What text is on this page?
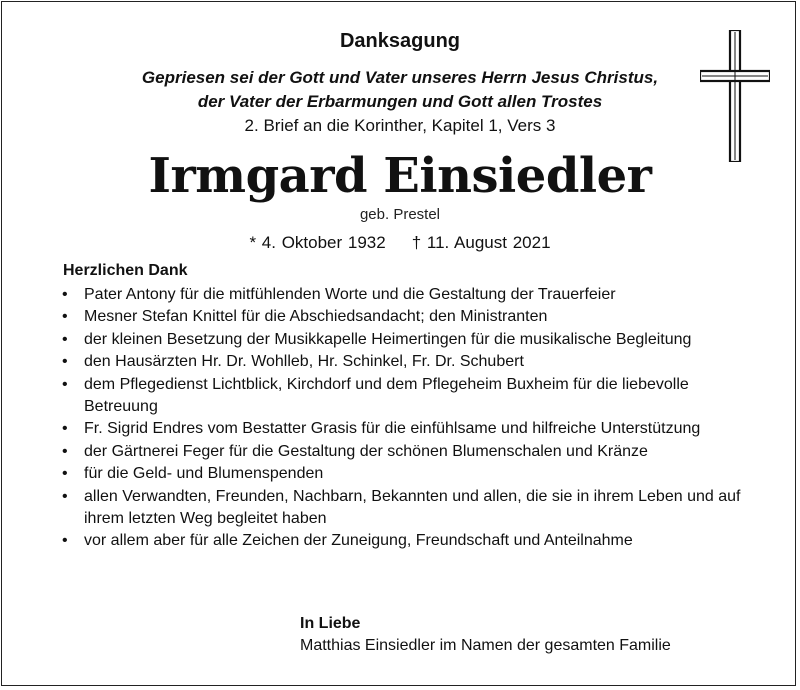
Danksagung
Gepriesen sei der Gott und Vater unseres Herrn Jesus Christus,
der Vater der Erbarmungen und Gott allen Trostes
2. Brief an die Korinther, Kapitel 1, Vers 3
Irmgard Einsiedler
geb. Prestel
* 4. Oktober 1932 † 11. August 2021
Herzlichen Dank
• Pater Antony für die mitfühlenden Worte und die Gestaltung der Trauerfeier
• Mesner Stefan Knittel für die Abschiedsandacht; den Ministranten
• der kleinen Besetzung der Musikkapelle Heimertingen für die musikalische Begleitung
• den Hausärzten Hr. Dr. Wohlleb, Hr. Schinkel, Fr. Dr. Schubert
• dem Pflegedienst Lichtblick, Kirchdorf und dem Pflegeheim Buxheim für die liebevolle Betreuung
• Fr. Sigrid Endres vom Bestatter Grasis für die einfühlsame und hilfreiche Unterstützung
• der Gärtnerei Feger für die Gestaltung der schönen Blumenschalen und Kränze
• für die Geld- und Blumenspenden
• allen Verwandten, Freunden, Nachbarn, Bekannten und allen, die sie in ihrem Leben und auf ihrem letzten Weg begleitet haben
• vor allem aber für alle Zeichen der Zuneigung, Freundschaft und Anteilnahme
In Liebe
Matthias Einsiedler im Namen der gesamten Familie
